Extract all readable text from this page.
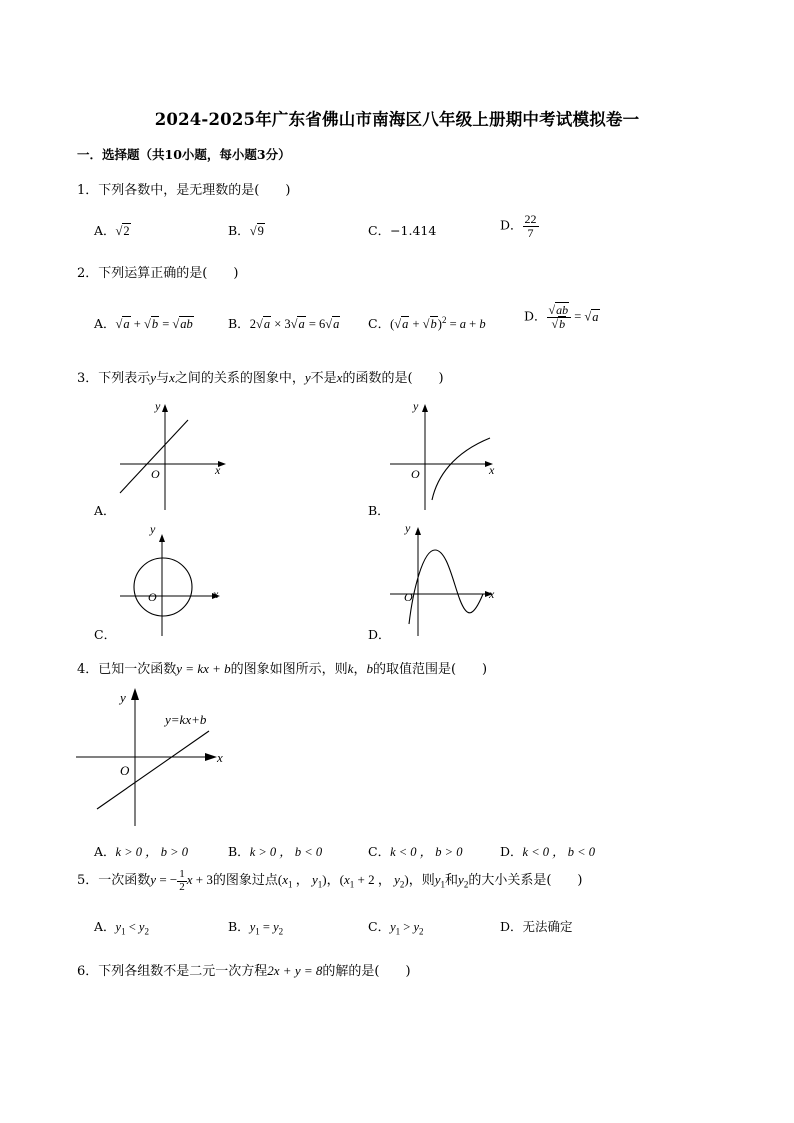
2024-2025年广东省佛山市南海区八年级上册期中考试模拟卷一
一．选择题（共10小题，每小题3分）
1．下列各数中，是无理数的是(　　)
A．√2	B．√9	C．−1.414	D． $\frac{22}{7}$
2．下列运算正确的是(　　)
A．√a + √b = √ab	B．2√a × 3√a = 6√a C．$(√a + √b)^2 = a + b$
D． $\frac{√ab}{√b} = √a$
3．下列表示y与x之间的关系的图象中，y不是x的函数的是(　　)
x
y
O
A．
x
y
O
B．
x
y
O
C．
x
y
O
D．
4．已知一次函数y = kx + b的图象如图所示，则k，b的取值范围是(　　)
x
y
O
y=kx+b
A．k > 0 ， b > 0	B．k > 0 ， b < 0	C．k < 0 ， b > 0	D．k < 0 ， b < 0
5．一次函数y = − $\frac{1}{2}$ x + 3的图象过点($x_1$ ， $y_1$)，($x_1 + 2$ ， $y_2$)，则$y_1$和$y_2$的大小关系是(　　)
A．$y_1 < y_2$	B．$y_1 = y_2$	C．$y_1 > y_2$	D．无法确定
6．下列各组数不是二元一次方程2x + y = 8的解的是(　　)
